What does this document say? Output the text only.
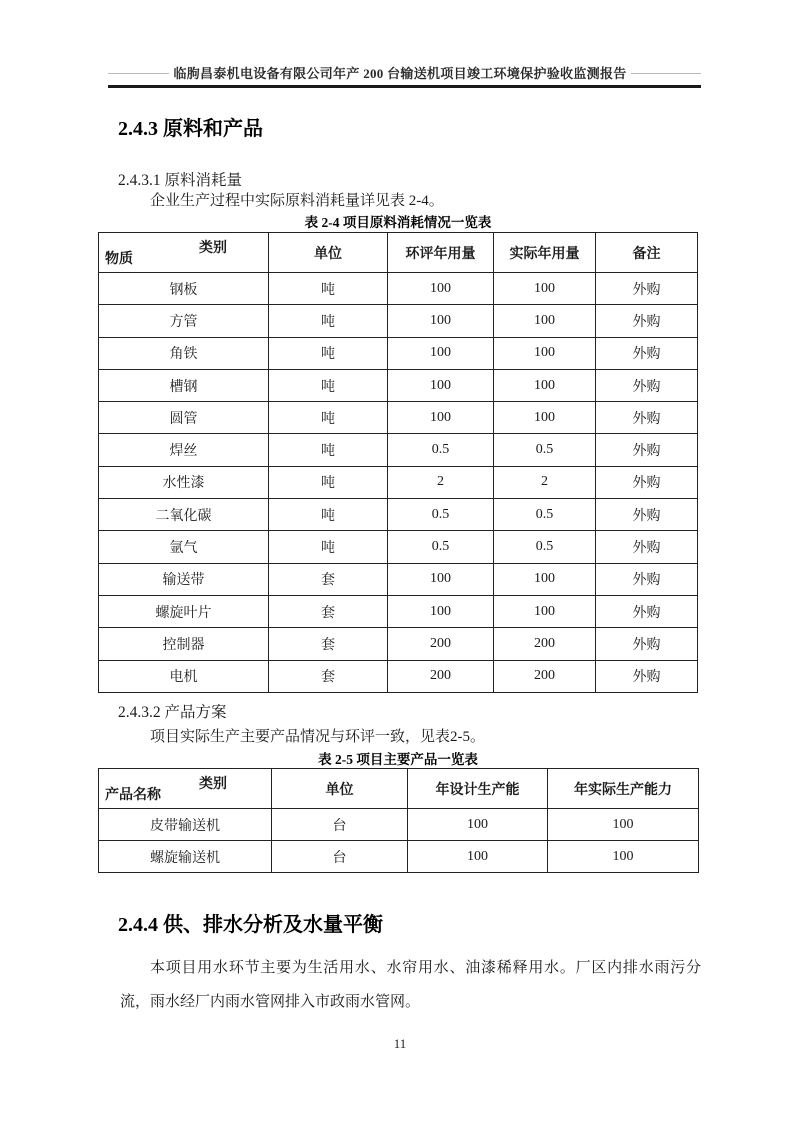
临朐昌泰机电设备有限公司年产 200 台输送机项目竣工环境保护验收监测报告
2.4.3 原料和产品
2.4.3.1 原料消耗量

企业生产过程中实际原料消耗量详见表 2-4。

表 2-4 项目原料消耗情况一览表
类别
物质	单位	环评年用量	实际年用量	备注
钢板	吨	100	100	外购
方管	吨	100	100	外购
角铁	吨	100	100	外购
槽钢	吨	100	100	外购
圆管	吨	100	100	外购
焊丝	吨	0.5	0.5	外购
水性漆	吨	2	2	外购
二氧化碳	吨	0.5	0.5	外购
氩气	吨	0.5	0.5	外购
输送带	套	100	100	外购
螺旋叶片	套	100	100	外购
控制器	套	200	200	外购
电机	套	200	200	外购
2.4.3.2 产品方案

项目实际生产主要产品情况与环评一致，见表2-5。

表 2-5 项目主要产品一览表
类别
产品名称	单位	年设计生产能	年实际生产能力
皮带输送机	台	100	100
螺旋输送机	台	100	100
2.4.4 供、排水分析及水量平衡

本项目用水环节主要为生活用水、水帘用水、油漆稀释用水。厂区内排水雨污分流，雨水经厂内雨水管网排入市政雨水管网。

11
